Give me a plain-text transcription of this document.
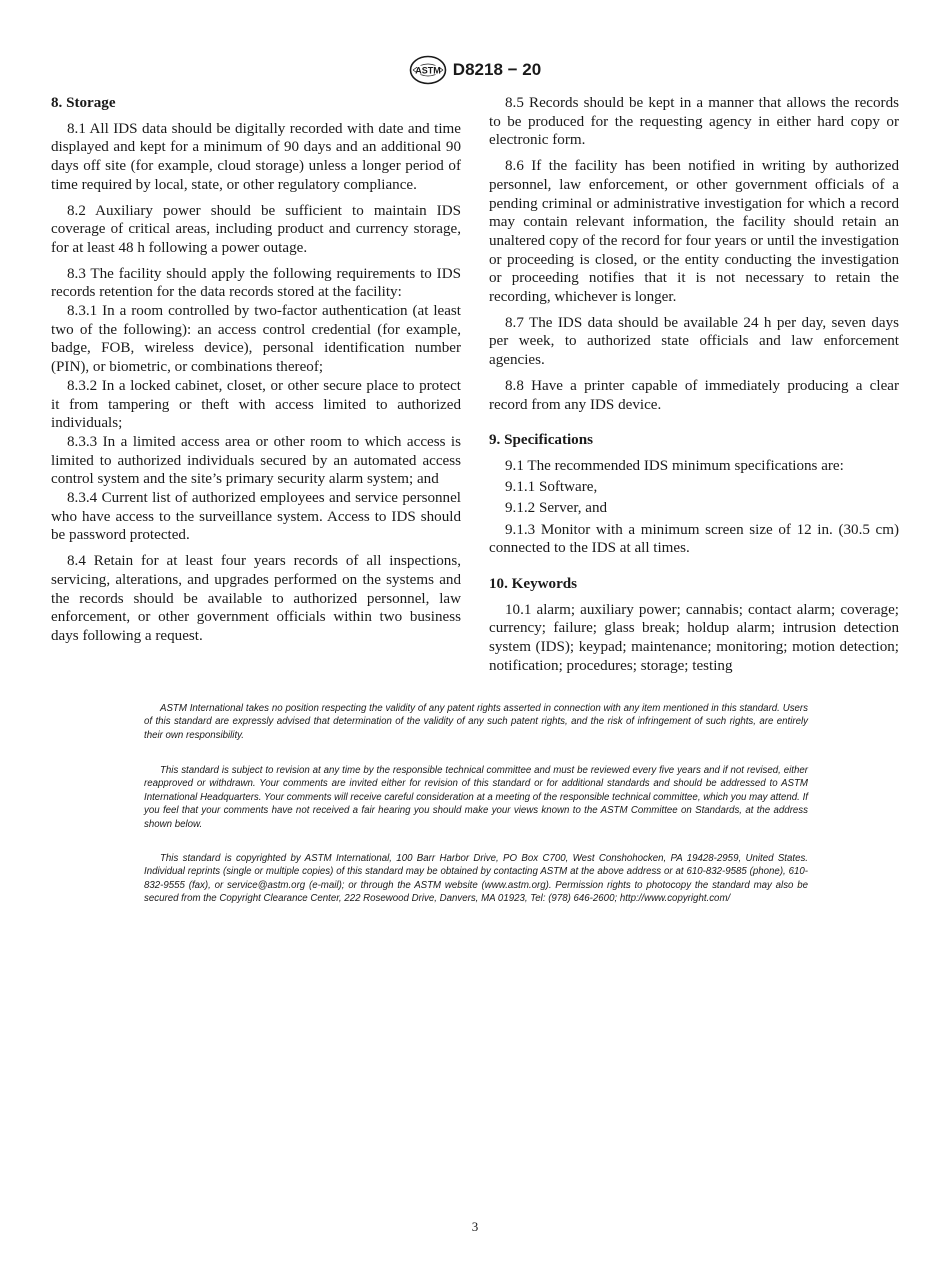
ASTM D8218 − 20
8. Storage

8.1 All IDS data should be digitally recorded with date and time displayed and kept for a minimum of 90 days and an additional 90 days off site (for example, cloud storage) unless a longer period of time required by local, state, or other regulatory compliance.

8.2 Auxiliary power should be sufficient to maintain IDS coverage of critical areas, including product and currency storage, for at least 48 h following a power outage.

8.3 The facility should apply the following requirements to IDS records retention for the data records stored at the facility:

8.3.1 In a room controlled by two-factor authentication (at least two of the following): an access control credential (for example, badge, FOB, wireless device), personal identification number (PIN), or biometric, or combinations thereof;

8.3.2 In a locked cabinet, closet, or other secure place to protect it from tampering or theft with access limited to authorized individuals;

8.3.3 In a limited access area or other room to which access is limited to authorized individuals secured by an automated access control system and the site’s primary security alarm system; and

8.3.4 Current list of authorized employees and service personnel who have access to the surveillance system. Access to IDS should be password protected.

8.4 Retain for at least four years records of all inspections, servicing, alterations, and upgrades performed on the systems and the records should be available to authorized personnel, law enforcement, or other government officials within two business days following a request.

8.5 Records should be kept in a manner that allows the records to be produced for the requesting agency in either hard copy or electronic form.

8.6 If the facility has been notified in writing by authorized personnel, law enforcement, or other government officials of a pending criminal or administrative investigation for which a record may contain relevant information, the facility should retain an unaltered copy of the record for four years or until the investigation or proceeding is closed, or the entity conducting the investigation or proceeding notifies that it is not necessary to retain the recording, whichever is longer.

8.7 The IDS data should be available 24 h per day, seven days per week, to authorized state officials and law enforcement agencies.

8.8 Have a printer capable of immediately producing a clear record from any IDS device.

9. Specifications

9.1 The recommended IDS minimum specifications are:

9.1.1 Software,

9.1.2 Server, and

9.1.3 Monitor with a minimum screen size of 12 in. (30.5 cm) connected to the IDS at all times.

10. Keywords

10.1 alarm; auxiliary power; cannabis; contact alarm; coverage; currency; failure; glass break; holdup alarm; intrusion detection system (IDS); keypad; maintenance; monitoring; motion detection; notification; procedures; storage; testing

ASTM International takes no position respecting the validity of any patent rights asserted in connection with any item mentioned in this standard. Users of this standard are expressly advised that determination of the validity of any such patent rights, and the risk of infringement of such rights, are entirely their own responsibility.

This standard is subject to revision at any time by the responsible technical committee and must be reviewed every five years and if not revised, either reapproved or withdrawn. Your comments are invited either for revision of this standard or for additional standards and should be addressed to ASTM International Headquarters. Your comments will receive careful consideration at a meeting of the responsible technical committee, which you may attend. If you feel that your comments have not received a fair hearing you should make your views known to the ASTM Committee on Standards, at the address shown below.

This standard is copyrighted by ASTM International, 100 Barr Harbor Drive, PO Box C700, West Conshohocken, PA 19428-2959, United States. Individual reprints (single or multiple copies) of this standard may be obtained by contacting ASTM at the above address or at 610-832-9585 (phone), 610-832-9555 (fax), or service@astm.org (e-mail); or through the ASTM website (www.astm.org). Permission rights to photocopy the standard may also be secured from the Copyright Clearance Center, 222 Rosewood Drive, Danvers, MA 01923, Tel: (978) 646-2600; http://www.copyright.com/

3
